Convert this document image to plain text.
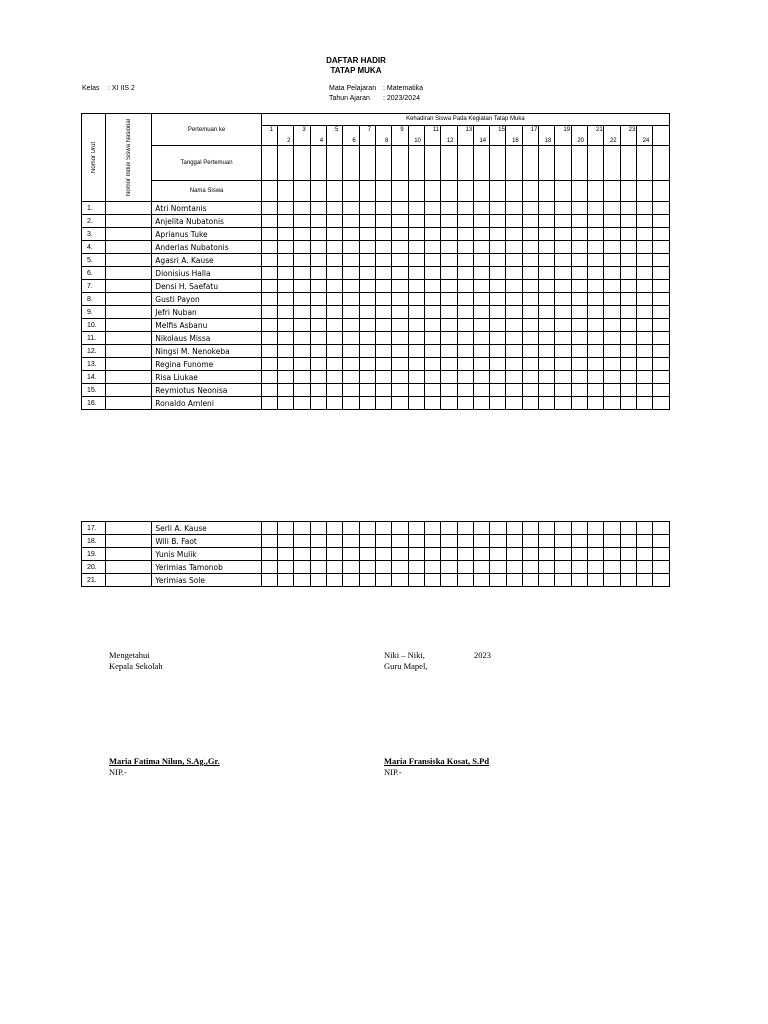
DAFTAR HADIR
TATAP MUKA
Kelas : XI IIS 2	Mata Pelajaran : Matematika
Tahun Ajaran : 2023/2024
Nomor Urut	Nomor Induk Siswa Nasional	Pertemuan ke	Kehadiran Siswa Pada Kegiatan Tatap Muka																								

			1	2	3	4	5	6	7	8	9	10	11	12	13	14	15	16	17	18	19	20	21	22	23	24	

		Tanggal Pertemuan																									
		Nama Siswa																									
1.		Atri Nomtanis																									
2.		Anjelita Nubatonis																									
3.		Aprianus Tuke																									
4.		Anderias Nubatonis																									
5.		Agasri A. Kause																									
6.		Dionisius Halla																									
7.		Densi H. Saefatu																									
8.		Gusti Payon																									
9.		Jefri Nuban																									
10.		Melfis Asbanu																									
11.		Nikolaus Missa																									
12.		Ningsi M. Nenokeba																									
13.		Regina Funome																									
14.		Risa Liukae																									
15.		Reymiotus Neonisa																									
16.		Ronaldo Amleni																									
17.		Serli A. Kause																									
18.		Wili B. Faot																									
19.		Yunis Mulik																									
20.		Yerimias Tamonob																									
21.		Yerimias Sole																									
Mengetahui
Kepala Sekolah
Maria Fatima Nilun, S.Ag.,Gr.
NIP.-
Niki – Niki,	2023
Guru Mapel,
Maria Fransiska Kosat, S.Pd
NIP.-
